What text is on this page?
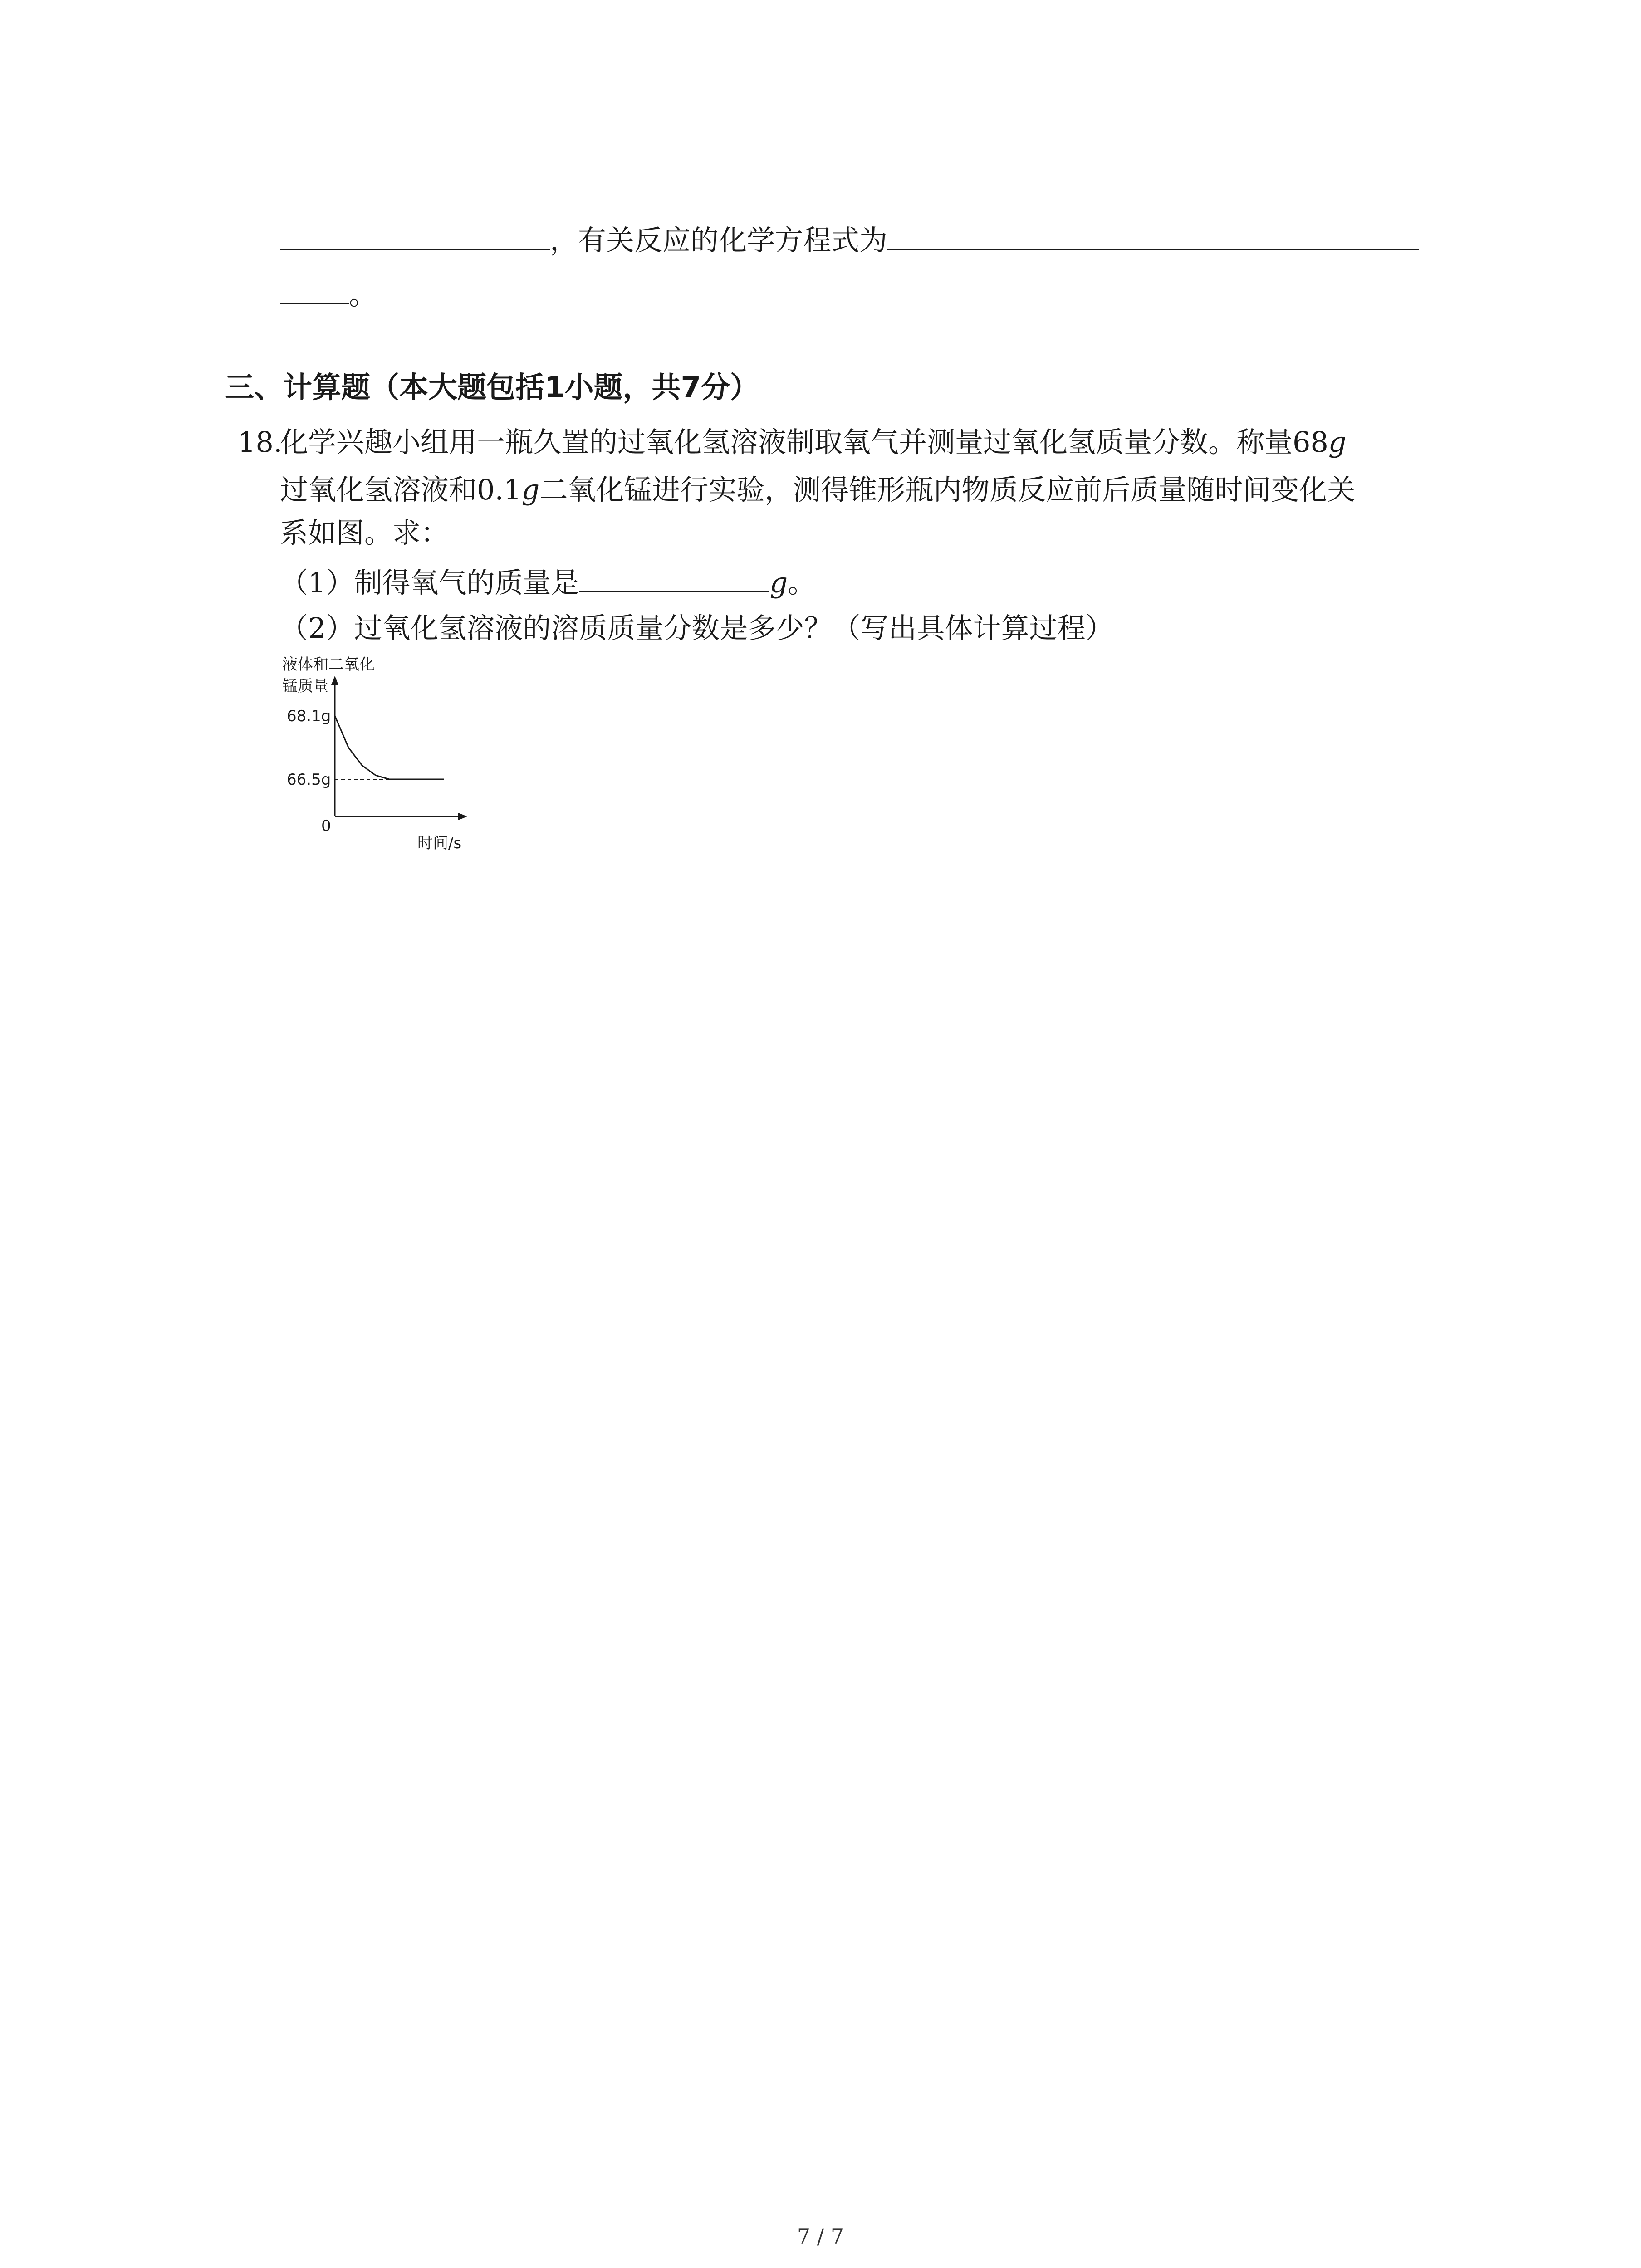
，有关反应的化学方程式为
。
三、计算题（本大题包括1小题，共7分）
18.
化学兴趣小组用一瓶久置的过氧化氢溶液制取氧气并测量过氧化氢质量分数。称量68g
过氧化氢溶液和0.1g二氧化锰进行实验，测得锥形瓶内物质反应前后质量随时间变化关
系如图。求：
（1）制得氧气的质量是	g。
（2）过氧化氢溶液的溶质质量分数是多少？（写出具体计算过程）
液体和二氧化
锰质量
68.1g
66.5g
0
时间/s
7 / 7
